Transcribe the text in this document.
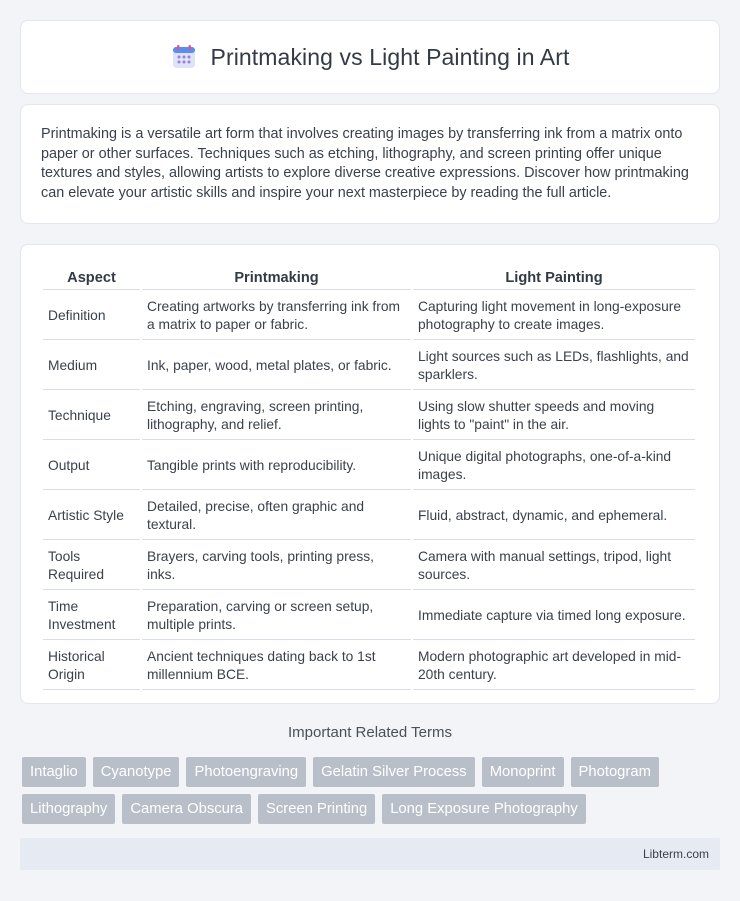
Printmaking vs Light Painting in Art

Printmaking is a versatile art form that involves creating images by transferring ink from a matrix onto paper or other surfaces. Techniques such as etching, lithography, and screen printing offer unique textures and styles, allowing artists to explore diverse creative expressions. Discover how printmaking can elevate your artistic skills and inspire your next masterpiece by reading the full article.

Aspect	Printmaking	Light Painting
Definition	Creating artworks by transferring ink from a matrix to paper or fabric.	Capturing light movement in long-exposure photography to create images.
Medium	Ink, paper, wood, metal plates, or fabric.	Light sources such as LEDs, flashlights, and sparklers.
Technique	Etching, engraving, screen printing, lithography, and relief.	Using slow shutter speeds and moving lights to "paint" in the air.
Output	Tangible prints with reproducibility.	Unique digital photographs, one-of-a-kind images.
Artistic Style	Detailed, precise, often graphic and textural.	Fluid, abstract, dynamic, and ephemeral.
Tools Required	Brayers, carving tools, printing press, inks.	Camera with manual settings, tripod, light sources.
Time Investment	Preparation, carving or screen setup, multiple prints.	Immediate capture via timed long exposure.
Historical Origin	Ancient techniques dating back to 1st millennium BCE.	Modern photographic art developed in mid-20th century.
Important Related Terms
Intaglio	Cyanotype	Photoengraving	Gelatin Silver Process	Monoprint	Photogram
Lithography	Camera Obscura	Screen Printing	Long Exposure Photography
Libterm.com
